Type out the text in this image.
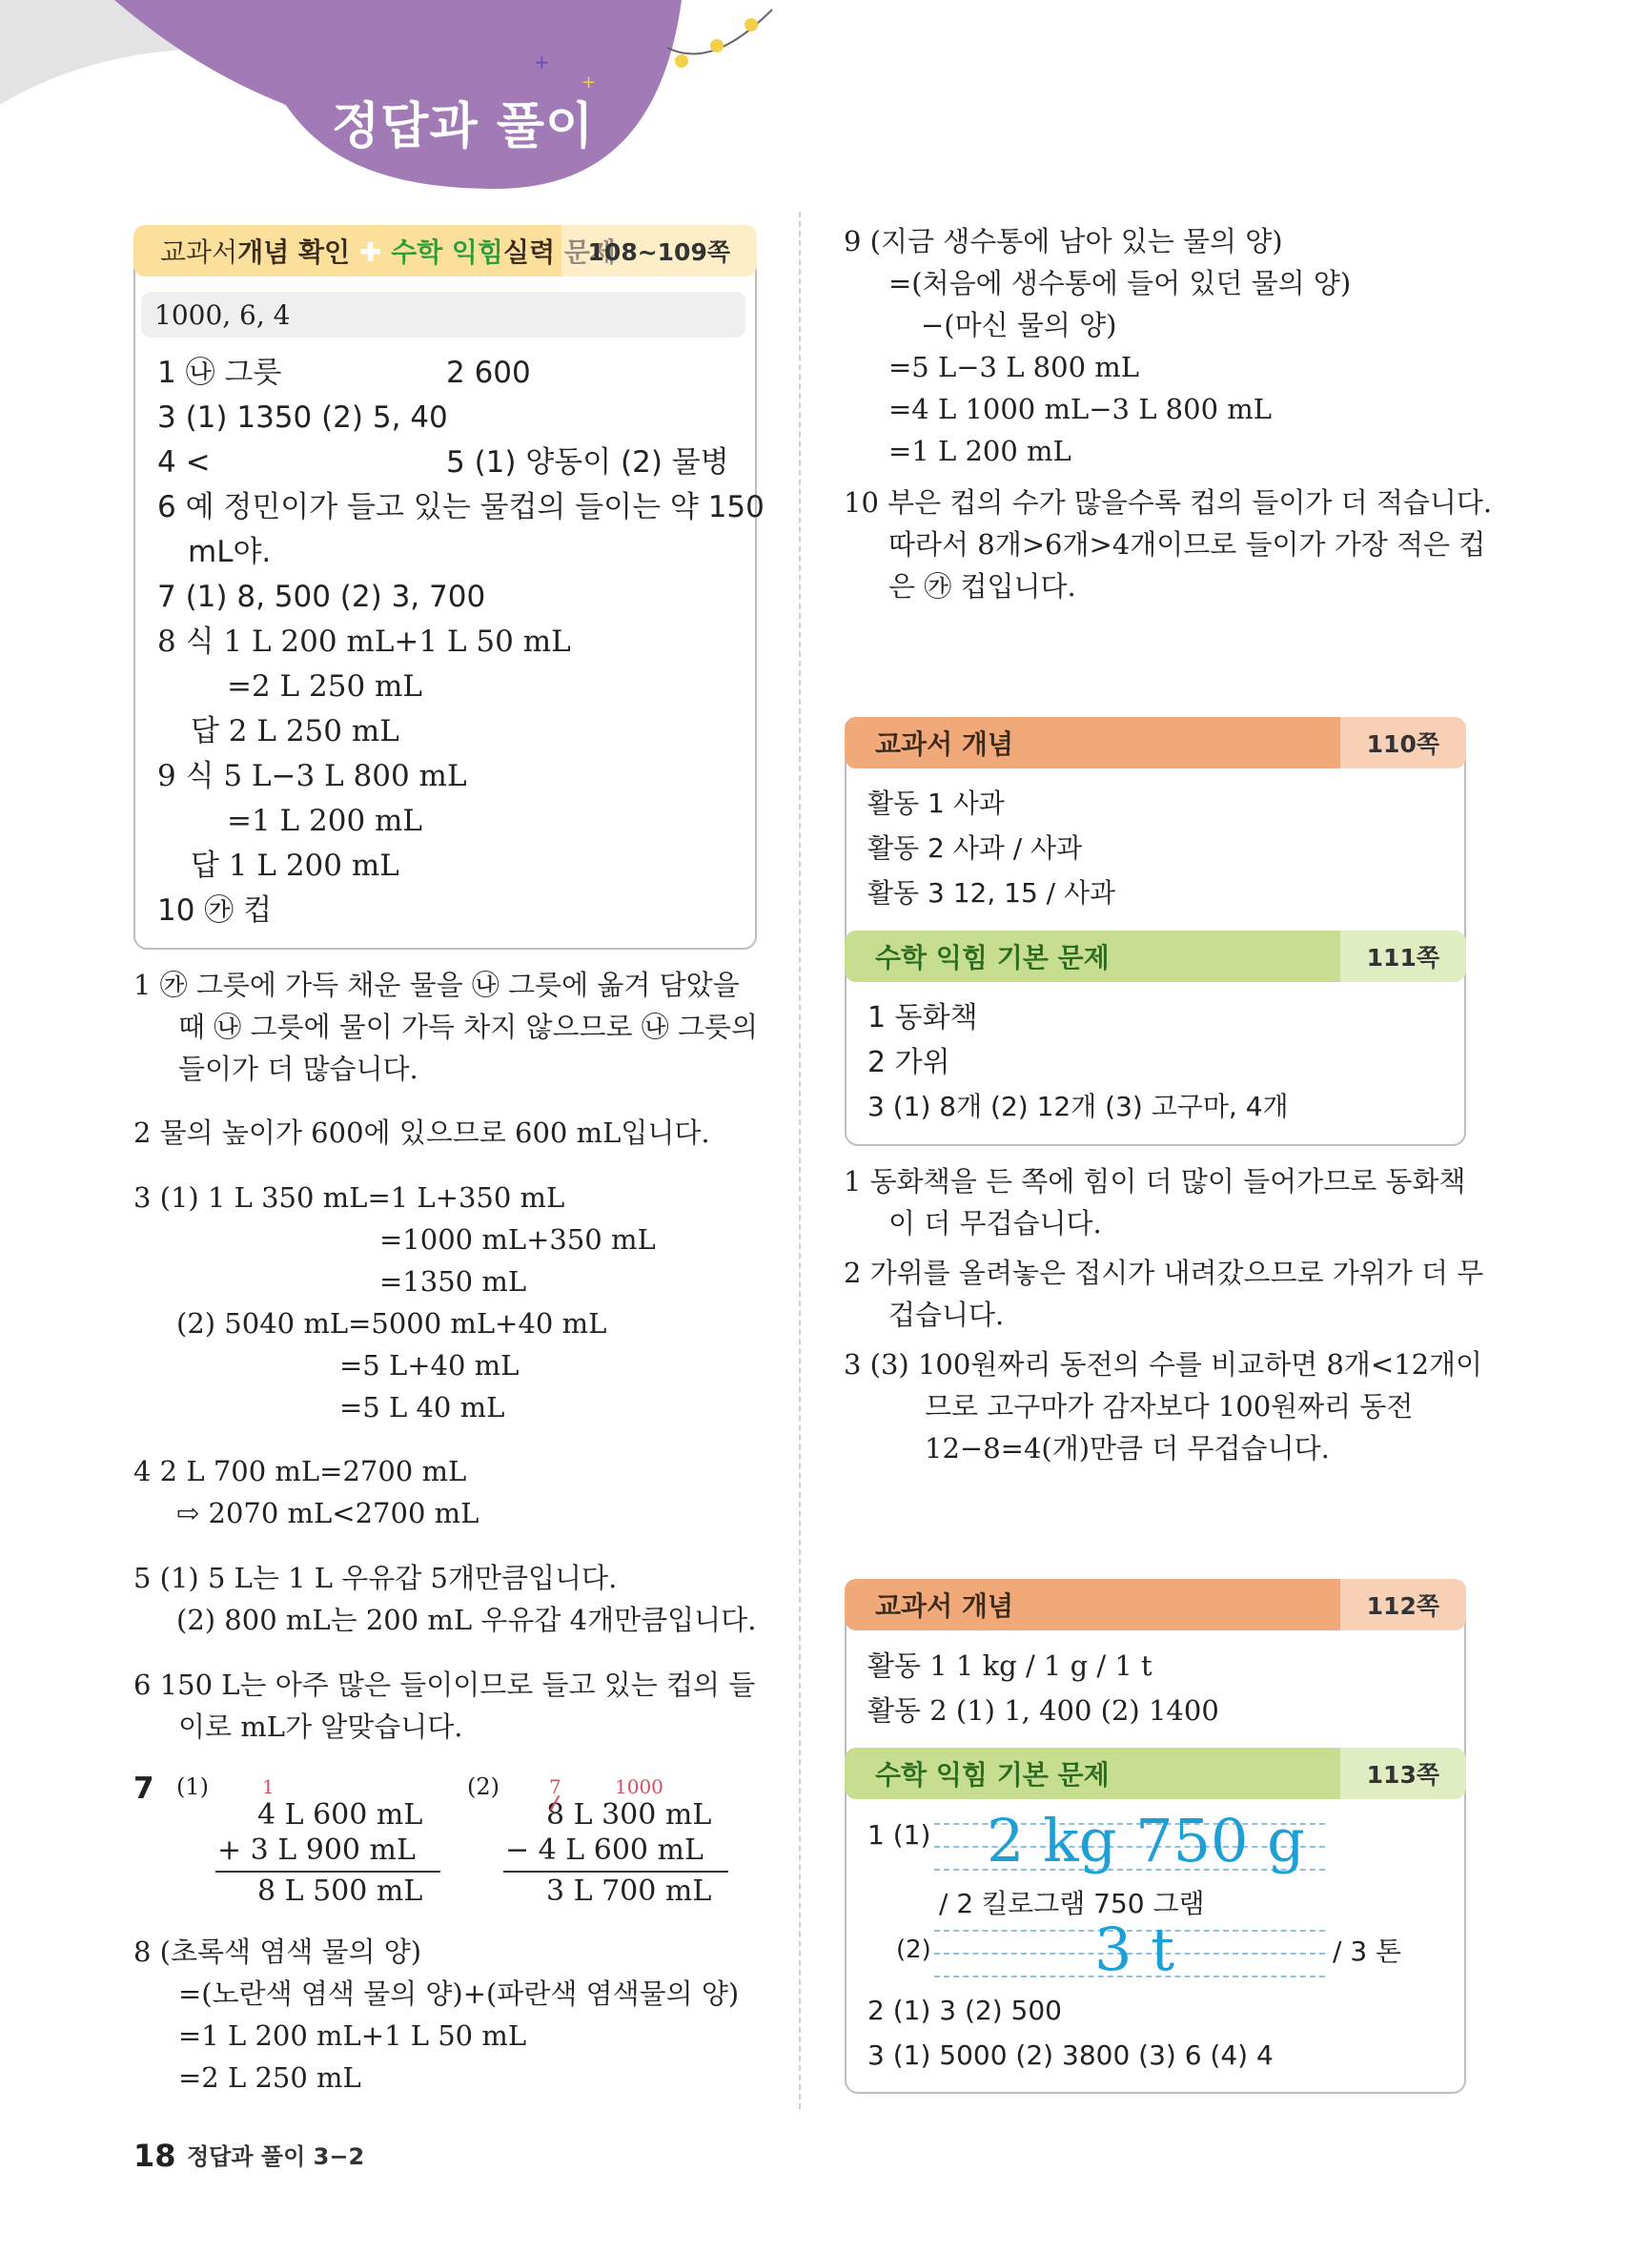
+
+
정답과 풀이
교과서개념 확인 ✚ 수학 익힘실력 문제
108~109쪽
1000, 6, 4
1 ㉯ 그릇	2 600
3 (1) 1350 (2) 5, 40
4 <	5 (1) 양동이 (2) 물병
6 예 정민이가 들고 있는 물컵의 들이는 약 150
mL야.
7 (1) 8, 500 (2) 3, 700
8 식 1 L 200 mL+1 L 50 mL
=2 L 250 mL
답 2 L 250 mL
9 식 5 L−3 L 800 mL
=1 L 200 mL
답 1 L 200 mL
10 ㉮ 컵
1 ㉮ 그릇에 가득 채운 물을 ㉯ 그릇에 옮겨 담았을
때 ㉯ 그릇에 물이 가득 차지 않으므로 ㉯ 그릇의
들이가 더 많습니다.
2 물의 높이가 600에 있으므로 600 mL입니다.
3 (1) 1 L 350 mL=1 L+350 mL
=1000 mL+350 mL
=1350 mL
(2) 5040 mL=5000 mL+40 mL
=5 L+40 mL
=5 L 40 mL
4 2 L 700 mL=2700 mL
⇨ 2070 mL<2700 mL
5 (1) 5 L는 1 L 우유갑 5개만큼입니다.
(2) 800 mL는 200 mL 우유갑 4개만큼입니다.
6 150 L는 아주 많은 들이이므로 들고 있는 컵의 들
이로 mL가 알맞습니다.
7 (1)	(2)
1
4 L 600 mL
+ 3 L 900 mL
8 L 500 mL
7	1000
8 L 300 mL
− 4 L 600 mL
3 L 700 mL
8 (초록색 염색 물의 양)
=(노란색 염색 물의 양)+(파란색 염색물의 양)
=1 L 200 mL+1 L 50 mL
=2 L 250 mL
9 (지금 생수통에 남아 있는 물의 양)
=(처음에 생수통에 들어 있던 물의 양)
−(마신 물의 양)
=5 L−3 L 800 mL
=4 L 1000 mL−3 L 800 mL
=1 L 200 mL
10 부은 컵의 수가 많을수록 컵의 들이가 더 적습니다.
따라서 8개>6개>4개이므로 들이가 가장 적은 컵
은 ㉮ 컵입니다.
교과서 개념	110쪽
활동 1 사과
활동 2 사과 / 사과
활동 3 12, 15 / 사과
수학 익힘 기본 문제	111쪽
1 동화책
2 가위
3 (1) 8개 (2) 12개 (3) 고구마, 4개
1 동화책을 든 쪽에 힘이 더 많이 들어가므로 동화책
이 더 무겁습니다.
2 가위를 올려놓은 접시가 내려갔으므로 가위가 더 무
겁습니다.
3 (3) 100원짜리 동전의 수를 비교하면 8개<12개이
므로 고구마가 감자보다 100원짜리 동전
12−8=4(개)만큼 더 무겁습니다.
교과서 개념	112쪽
활동 1 1 kg / 1 g / 1 t
활동 2 (1) 1, 400 (2) 1400
수학 익힘 기본 문제	113쪽
1 (1) 2 kg 750 g
/ 2 킬로그램 750 그램
(2)	3 t	/ 3 톤
2 (1) 3 (2) 500
3 (1) 5000 (2) 3800 (3) 6 (4) 4
18 정답과 풀이 3−2
